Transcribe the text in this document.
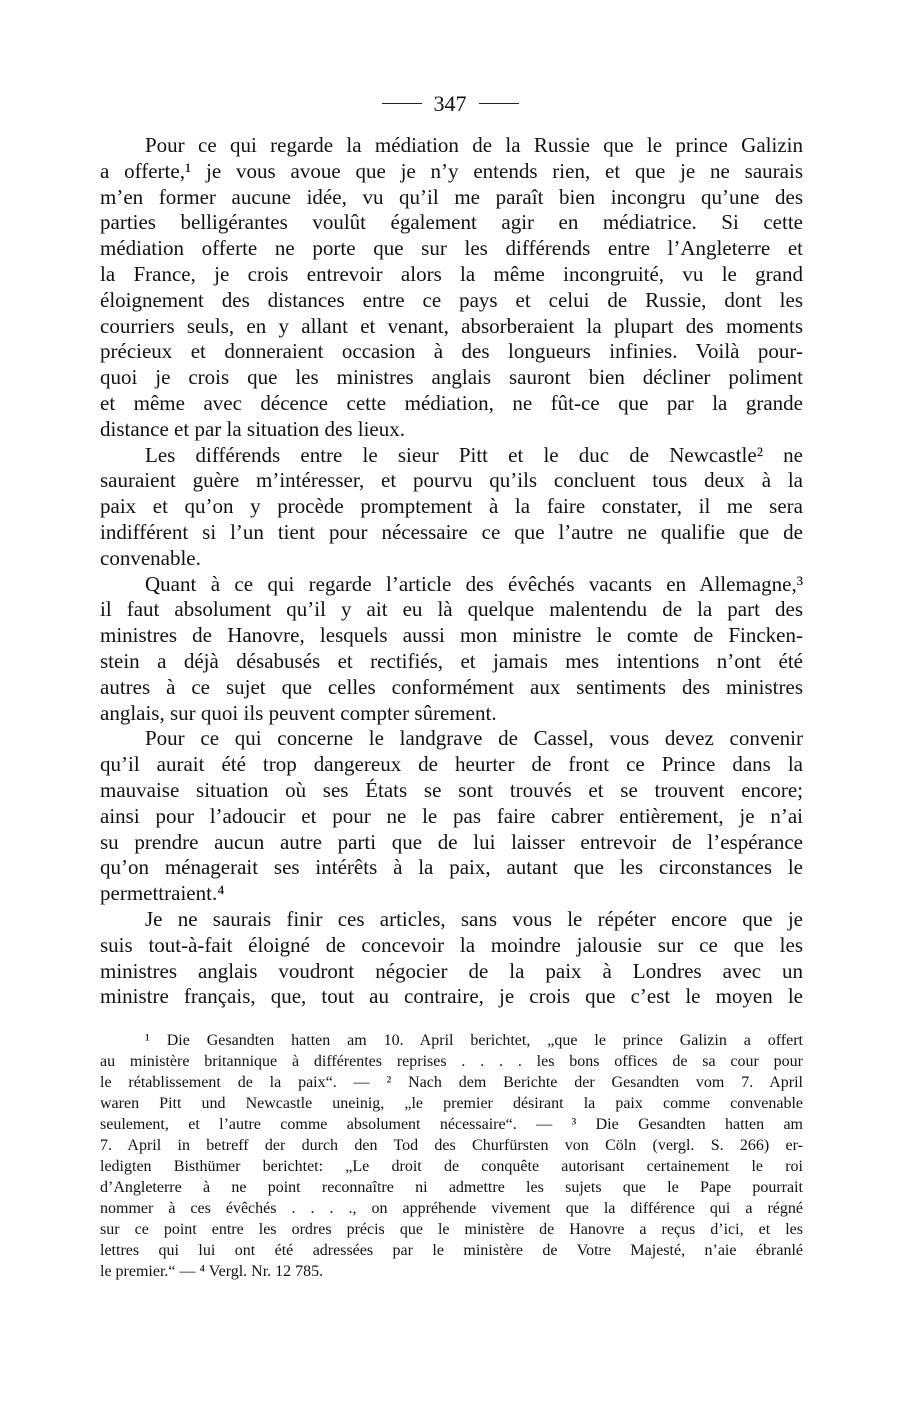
347
Pour ce qui regarde la médiation de la Russie que le prince Galizin
a offerte,¹ je vous avoue que je n’y entends rien, et que je ne saurais
m’en former aucune idée, vu qu’il me paraît bien incongru qu’une des
parties belligérantes voulût également agir en médiatrice. Si cette
médiation offerte ne porte que sur les différends entre l’Angleterre et
la France, je crois entrevoir alors la même incongruité, vu le grand
éloignement des distances entre ce pays et celui de Russie, dont les
courriers seuls, en y allant et venant, absorberaient la plupart des moments
précieux et donneraient occasion à des longueurs infinies. Voilà pour-
quoi je crois que les ministres anglais sauront bien décliner poliment
et même avec décence cette médiation, ne fût-ce que par la grande
distance et par la situation des lieux.
Les différends entre le sieur Pitt et le duc de Newcastle² ne
sauraient guère m’intéresser, et pourvu qu’ils concluent tous deux à la
paix et qu’on y procède promptement à la faire constater, il me sera
indifférent si l’un tient pour nécessaire ce que l’autre ne qualifie que de
convenable.
Quant à ce qui regarde l’article des évêchés vacants en Allemagne,³
il faut absolument qu’il y ait eu là quelque malentendu de la part des
ministres de Hanovre, lesquels aussi mon ministre le comte de Fincken-
stein a déjà désabusés et rectifiés, et jamais mes intentions n’ont été
autres à ce sujet que celles conformément aux sentiments des ministres
anglais, sur quoi ils peuvent compter sûrement.
Pour ce qui concerne le landgrave de Cassel, vous devez convenir
qu’il aurait été trop dangereux de heurter de front ce Prince dans la
mauvaise situation où ses États se sont trouvés et se trouvent encore;
ainsi pour l’adoucir et pour ne le pas faire cabrer entièrement, je n’ai
su prendre aucun autre parti que de lui laisser entrevoir de l’espérance
qu’on ménagerait ses intérêts à la paix, autant que les circonstances le
permettraient.⁴
Je ne saurais finir ces articles, sans vous le répéter encore que je
suis tout-à-fait éloigné de concevoir la moindre jalousie sur ce que les
ministres anglais voudront négocier de la paix à Londres avec un
ministre français, que, tout au contraire, je crois que c’est le moyen le
¹ Die Gesandten hatten am 10. April berichtet, „que le prince Galizin a offert
au ministère britannique à différentes reprises . . . . les bons offices de sa cour pour
le rétablissement de la paix“. — ² Nach dem Berichte der Gesandten vom 7. April
waren Pitt und Newcastle uneinig, „le premier désirant la paix comme convenable
seulement, et l’autre comme absolument nécessaire“. — ³ Die Gesandten hatten am
7. April in betreff der durch den Tod des Churfürsten von Cöln (vergl. S. 266) er-
ledigten Bisthümer berichtet: „Le droit de conquête autorisant certainement le roi
d’Angleterre à ne point reconnaître ni admettre les sujets que le Pape pourrait
nommer à ces évêchés . . . ., on appréhende vivement que la différence qui a régné
sur ce point entre les ordres précis que le ministère de Hanovre a reçus d’ici, et les
lettres qui lui ont été adressées par le ministère de Votre Majesté, n’aie ébranlé
le premier.“ — ⁴ Vergl. Nr. 12 785.
